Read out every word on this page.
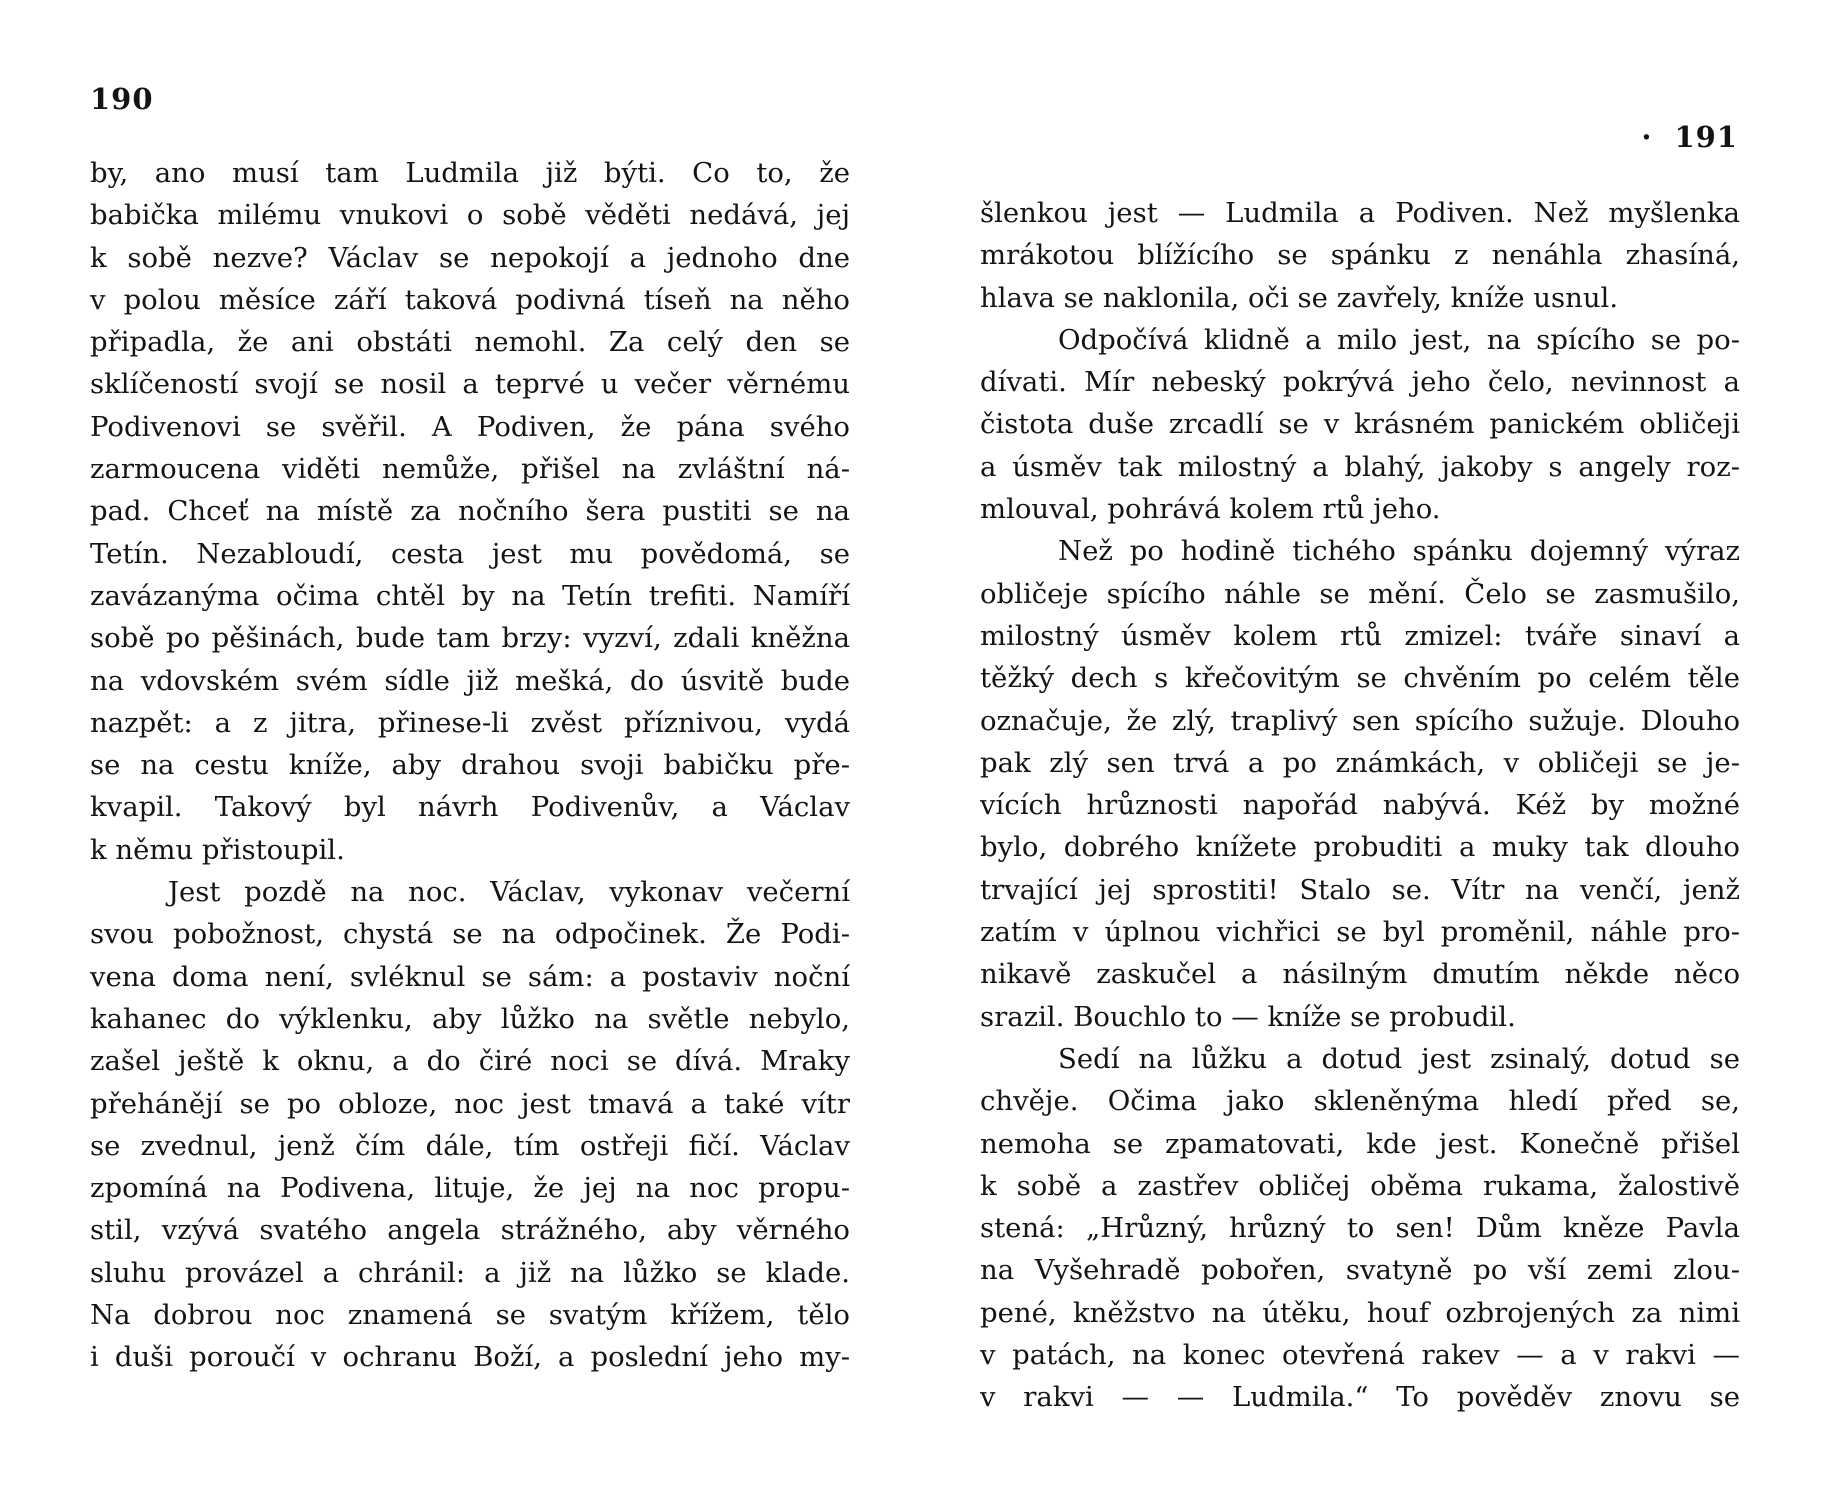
190
by, ano musí tam Ludmila již býti. Co to, že
babička milému vnukovi o sobě věděti nedává, jej
k sobě nezve? Václav se nepokojí a jednoho dne
v polou měsíce září taková podivná tíseň na něho
připadla, že ani obstáti nemohl. Za celý den se
sklíčeností svojí se nosil a teprvé u večer věrnému
Podivenovi se svěřil. A Podiven, že pána svého
zarmoucena viděti nemůže, přišel na zvláštní ná-
pad. Chceť na místě za nočního šera pustiti se na
Tetín. Nezabloudí, cesta jest mu povědomá, se
zavázanýma očima chtěl by na Tetín trefiti. Namíří
sobě po pěšinách, bude tam brzy: vyzví, zdali kněžna
na vdovském svém sídle již mešká, do úsvitě bude
nazpět: a z jitra, přinese-li zvěst příznivou, vydá
se na cestu kníže, aby drahou svoji babičku pře-
kvapil. Takový byl návrh Podivenův, a Václav
k němu přistoupil.
Jest pozdě na noc. Václav, vykonav večerní
svou pobožnost, chystá se na odpočinek. Že Podi-
vena doma není, svléknul se sám: a postaviv noční
kahanec do výklenku, aby lůžko na světle nebylo,
zašel ještě k oknu, a do čiré noci se dívá. Mraky
přehánějí se po obloze, noc jest tmavá a také vítr
se zvednul, jenž čím dále, tím ostřeji fičí. Václav
zpomíná na Podivena, lituje, že jej na noc propu-
stil, vzývá svatého angela strážného, aby věrného
sluhu provázel a chránil: a již na lůžko se klade.
Na dobrou noc znamená se svatým křížem, tělo
i duši poroučí v ochranu Boží, a poslední jeho my-
· 191
šlenkou jest — Ludmila a Podiven. Než myšlenka
mrákotou blížícího se spánku z nenáhla zhasíná,
hlava se naklonila, oči se zavřely, kníže usnul.
Odpočívá klidně a milo jest, na spícího se po-
dívati. Mír nebeský pokrývá jeho čelo, nevinnost a
čistota duše zrcadlí se v krásném panickém obličeji
a úsměv tak milostný a blahý, jakoby s angely roz-
mlouval, pohrává kolem rtů jeho.
Než po hodině tichého spánku dojemný výraz
obličeje spícího náhle se mění. Čelo se zasmušilo,
milostný úsměv kolem rtů zmizel: tváře sinaví a
těžký dech s křečovitým se chvěním po celém těle
označuje, že zlý, traplivý sen spícího sužuje. Dlouho
pak zlý sen trvá a po známkách, v obličeji se je-
vících hrůznosti napořád nabývá. Kéž by možné
bylo, dobrého knížete probuditi a muky tak dlouho
trvající jej sprostiti! Stalo se. Vítr na venčí, jenž
zatím v úplnou vichřici se byl proměnil, náhle pro-
nikavě zaskučel a násilným dmutím někde něco
srazil. Bouchlo to — kníže se probudil.
Sedí na lůžku a dotud jest zsinalý, dotud se
chvěje. Očima jako skleněnýma hledí před se,
nemoha se zpamatovati, kde jest. Konečně přišel
k sobě a zastřev obličej oběma rukama, žalostivě
stená: „Hrůzný, hrůzný to sen! Dům kněze Pavla
na Vyšehradě pobořen, svatyně po vší zemi zlou-
pené, kněžstvo na útěku, houf ozbrojených za nimi
v patách, na konec otevřená rakev — a v rakvi —
v rakvi — — Ludmila.“ To pověděv znovu se
